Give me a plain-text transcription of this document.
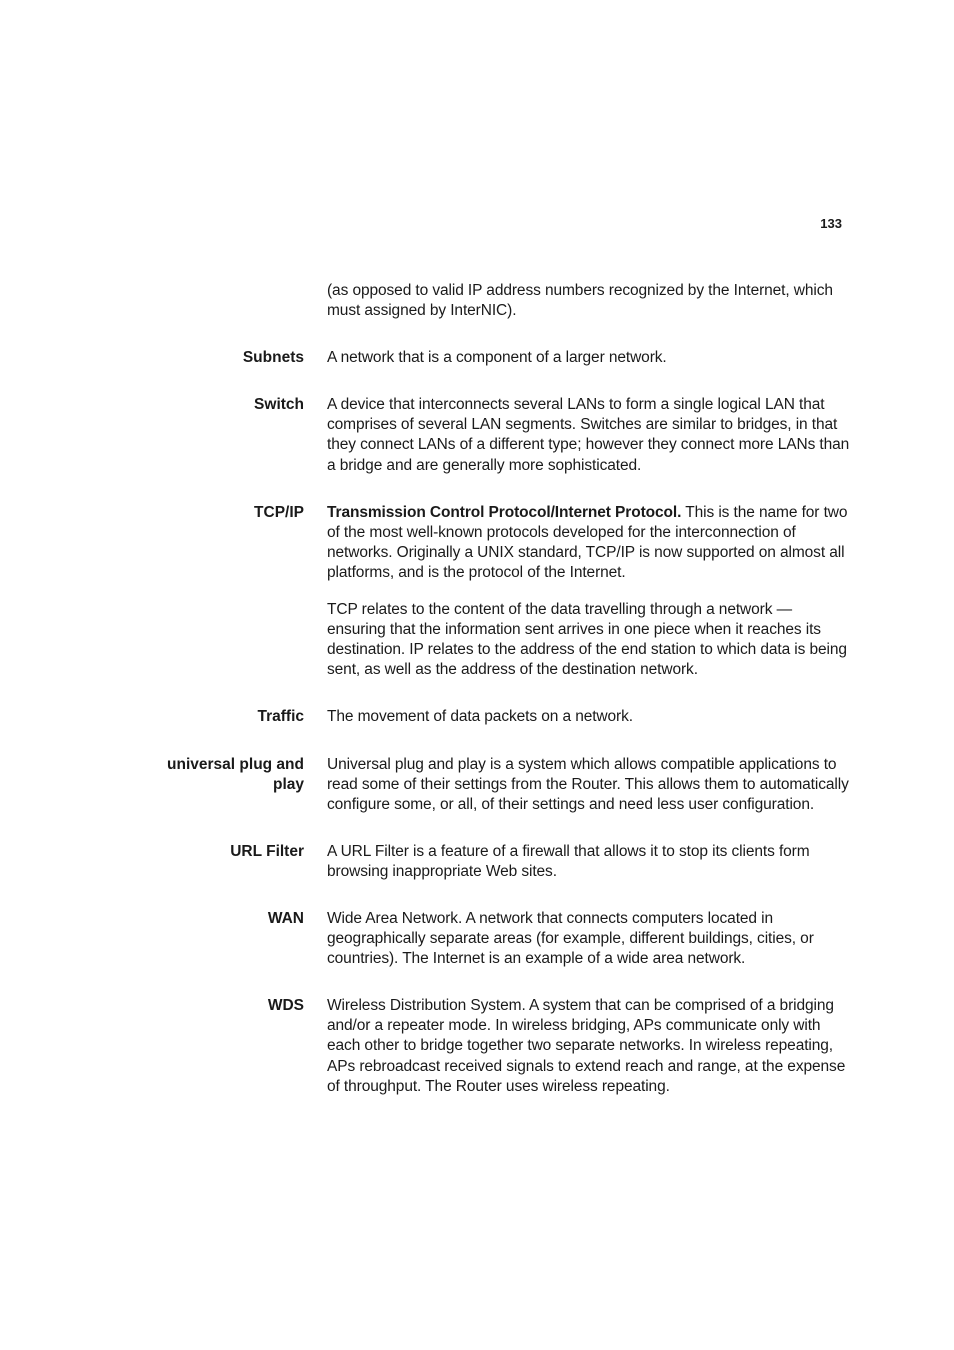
133

(as opposed to valid IP address numbers recognized by the Internet, which must assigned by InterNIC).

Subnets A network that is a component of a larger network.

Switch A device that interconnects several LANs to form a single logical LAN that comprises of several LAN segments. Switches are similar to bridges, in that they connect LANs of a different type; however they connect more LANs than a bridge and are generally more sophisticated.

TCP/IP Transmission Control Protocol/Internet Protocol. This is the name for two of the most well-known protocols developed for the interconnection of networks. Originally a UNIX standard, TCP/IP is now supported on almost all platforms, and is the protocol of the Internet.

TCP relates to the content of the data travelling through a network — ensuring that the information sent arrives in one piece when it reaches its destination. IP relates to the address of the end station to which data is being sent, as well as the address of the destination network.

Traffic The movement of data packets on a network.

universal plug and play

Universal plug and play is a system which allows compatible applications to read some of their settings from the Router. This allows them to automatically configure some, or all, of their settings and need less user configuration.

URL Filter A URL Filter is a feature of a firewall that allows it to stop its clients form browsing inappropriate Web sites.

WAN Wide Area Network. A network that connects computers located in geographically separate areas (for example, different buildings, cities, or countries). The Internet is an example of a wide area network.

WDS Wireless Distribution System. A system that can be comprised of a bridging and/or a repeater mode. In wireless bridging, APs communicate only with each other to bridge together two separate networks. In wireless repeating, APs rebroadcast received signals to extend reach and range, at the expense of throughput. The Router uses wireless repeating.
